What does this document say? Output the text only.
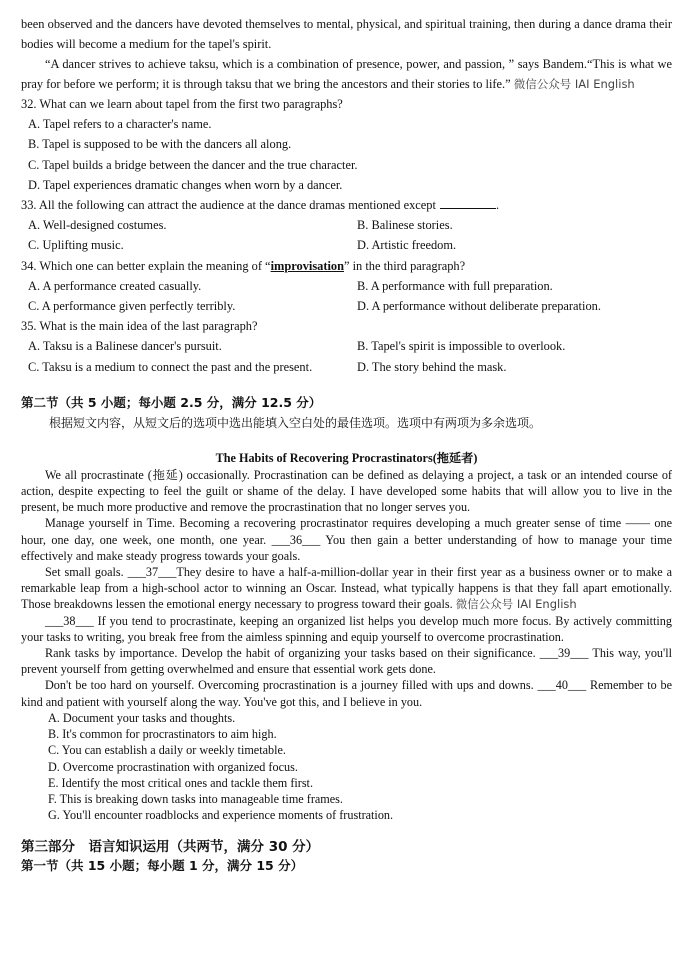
been observed and the dancers have devoted themselves to mental, physical, and spiritual training, then during a dance drama their bodies will become a medium for the tapel's spirit.

“A dancer strives to achieve taksu, which is a combination of presence, power, and passion, ” says Bandem.“This is what we pray for before we perform; it is through taksu that we bring the ancestors and their stories to life.” 微信公众号 IAI English

32. What can we learn about tapel from the first two paragraphs?

A. Tapel refers to a character's name.

B. Tapel is supposed to be with the dancers all along.

C. Tapel builds a bridge between the dancer and the true character.

D. Tapel experiences dramatic changes when worn by a dancer.

33. All the following can attract the audience at the dance dramas mentioned except	.

A. Well-designed costumes.	B. Balinese stories.
C. Uplifting music.	D. Artistic freedom.

34. Which one can better explain the meaning of “improvisation” in the third paragraph?

A. A performance created casually.	B. A performance with full preparation.
C. A performance given perfectly terribly.	D. A performance without deliberate preparation.

35. What is the main idea of the last paragraph?

A. Taksu is a Balinese dancer's pursuit.	B. Tapel's spirit is impossible to overlook.
C. Taksu is a medium to connect the past and the present.	D. The story behind the mask.

第二节（共 5 小题；每小题 2.5 分，满分 12.5 分）

根据短文内容，从短文后的选项中选出能填入空白处的最佳选项。选项中有两项为多余选项。

The Habits of Recovering Procrastinators(拖延者)

We all procrastinate (拖延) occasionally. Procrastination can be defined as delaying a project, a task or an intended course of action, despite expecting to feel the guilt or shame of the delay. I have developed some habits that will allow you to live in the present, be much more productive and remove the procrastination that no longer serves you.

Manage yourself in Time. Becoming a recovering procrastinator requires developing a much greater sense of time —— one hour, one day, one week, one month, one year. ___36___ You then gain a better understanding of how to manage your time effectively and make steady progress towards your goals.

Set small goals. ___37___They desire to have a half-a-million-dollar year in their first year as a business owner or to make a remarkable leap from a high-school actor to winning an Oscar. Instead, what typically happens is that they fall apart emotionally. Those breakdowns lessen the emotional energy necessary to progress toward their goals. 微信公众号 IAI English

___38___ If you tend to procrastinate, keeping an organized list helps you develop much more focus. By actively committing your tasks to writing, you break free from the aimless spinning and equip yourself to overcome procrastination.

Rank tasks by importance. Develop the habit of organizing your tasks based on their significance. ___39___ This way, you'll prevent yourself from getting overwhelmed and ensure that essential work gets done.

Don't be too hard on yourself. Overcoming procrastination is a journey filled with ups and downs. ___40___ Remember to be kind and patient with yourself along the way. You've got this, and I believe in you.

A. Document your tasks and thoughts.

B. It's common for procrastinators to aim high.

C. You can establish a daily or weekly timetable.

D. Overcome procrastination with organized focus.

E. Identify the most critical ones and tackle them first.

F. This is breaking down tasks into manageable time frames.

G. You'll encounter roadblocks and experience moments of frustration.

第三部分　语言知识运用（共两节，满分 30 分）

第一节（共 15 小题；每小题 1 分，满分 15 分）
